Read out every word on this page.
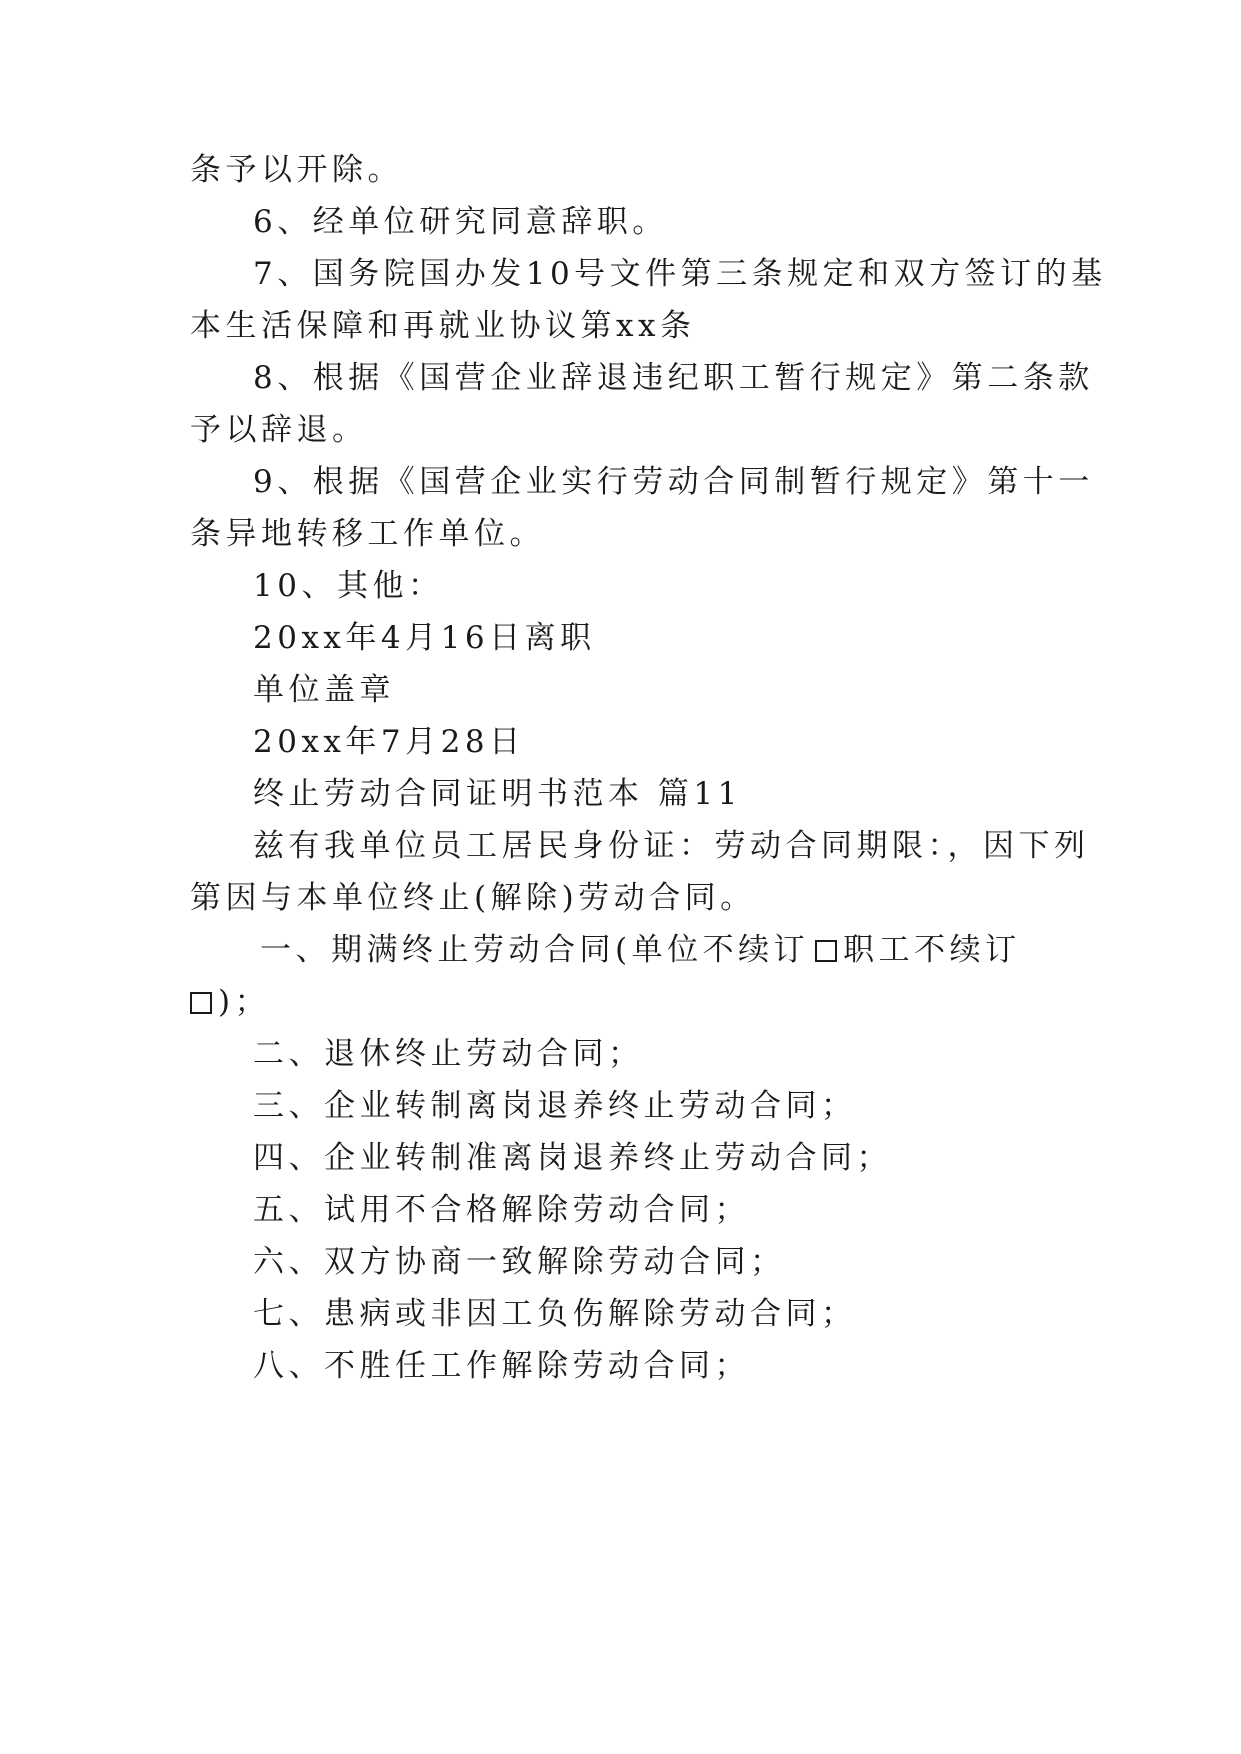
条予以开除。
6、经单位研究同意辞职。
7、国务院国办发10号文件第三条规定和双方签订的基
本生活保障和再就业协议第xx条
8、根据《国营企业辞退违纪职工暂行规定》第二条款
予以辞退。
9、根据《国营企业实行劳动合同制暂行规定》第十一
条异地转移工作单位。
10、其他：
20xx年4月16日离职
单位盖章
20xx年7月28日
终止劳动合同证明书范本 篇11
兹有我单位员工居民身份证：劳动合同期限：，因下列
第因与本单位终止(解除)劳动合同。
一、期满终止劳动合同(单位不续订 职工不续订
)；
二、退休终止劳动合同；
三、企业转制离岗退养终止劳动合同；
四、企业转制准离岗退养终止劳动合同；
五、试用不合格解除劳动合同；
六、双方协商一致解除劳动合同；
七、患病或非因工负伤解除劳动合同；
八、不胜任工作解除劳动合同；
